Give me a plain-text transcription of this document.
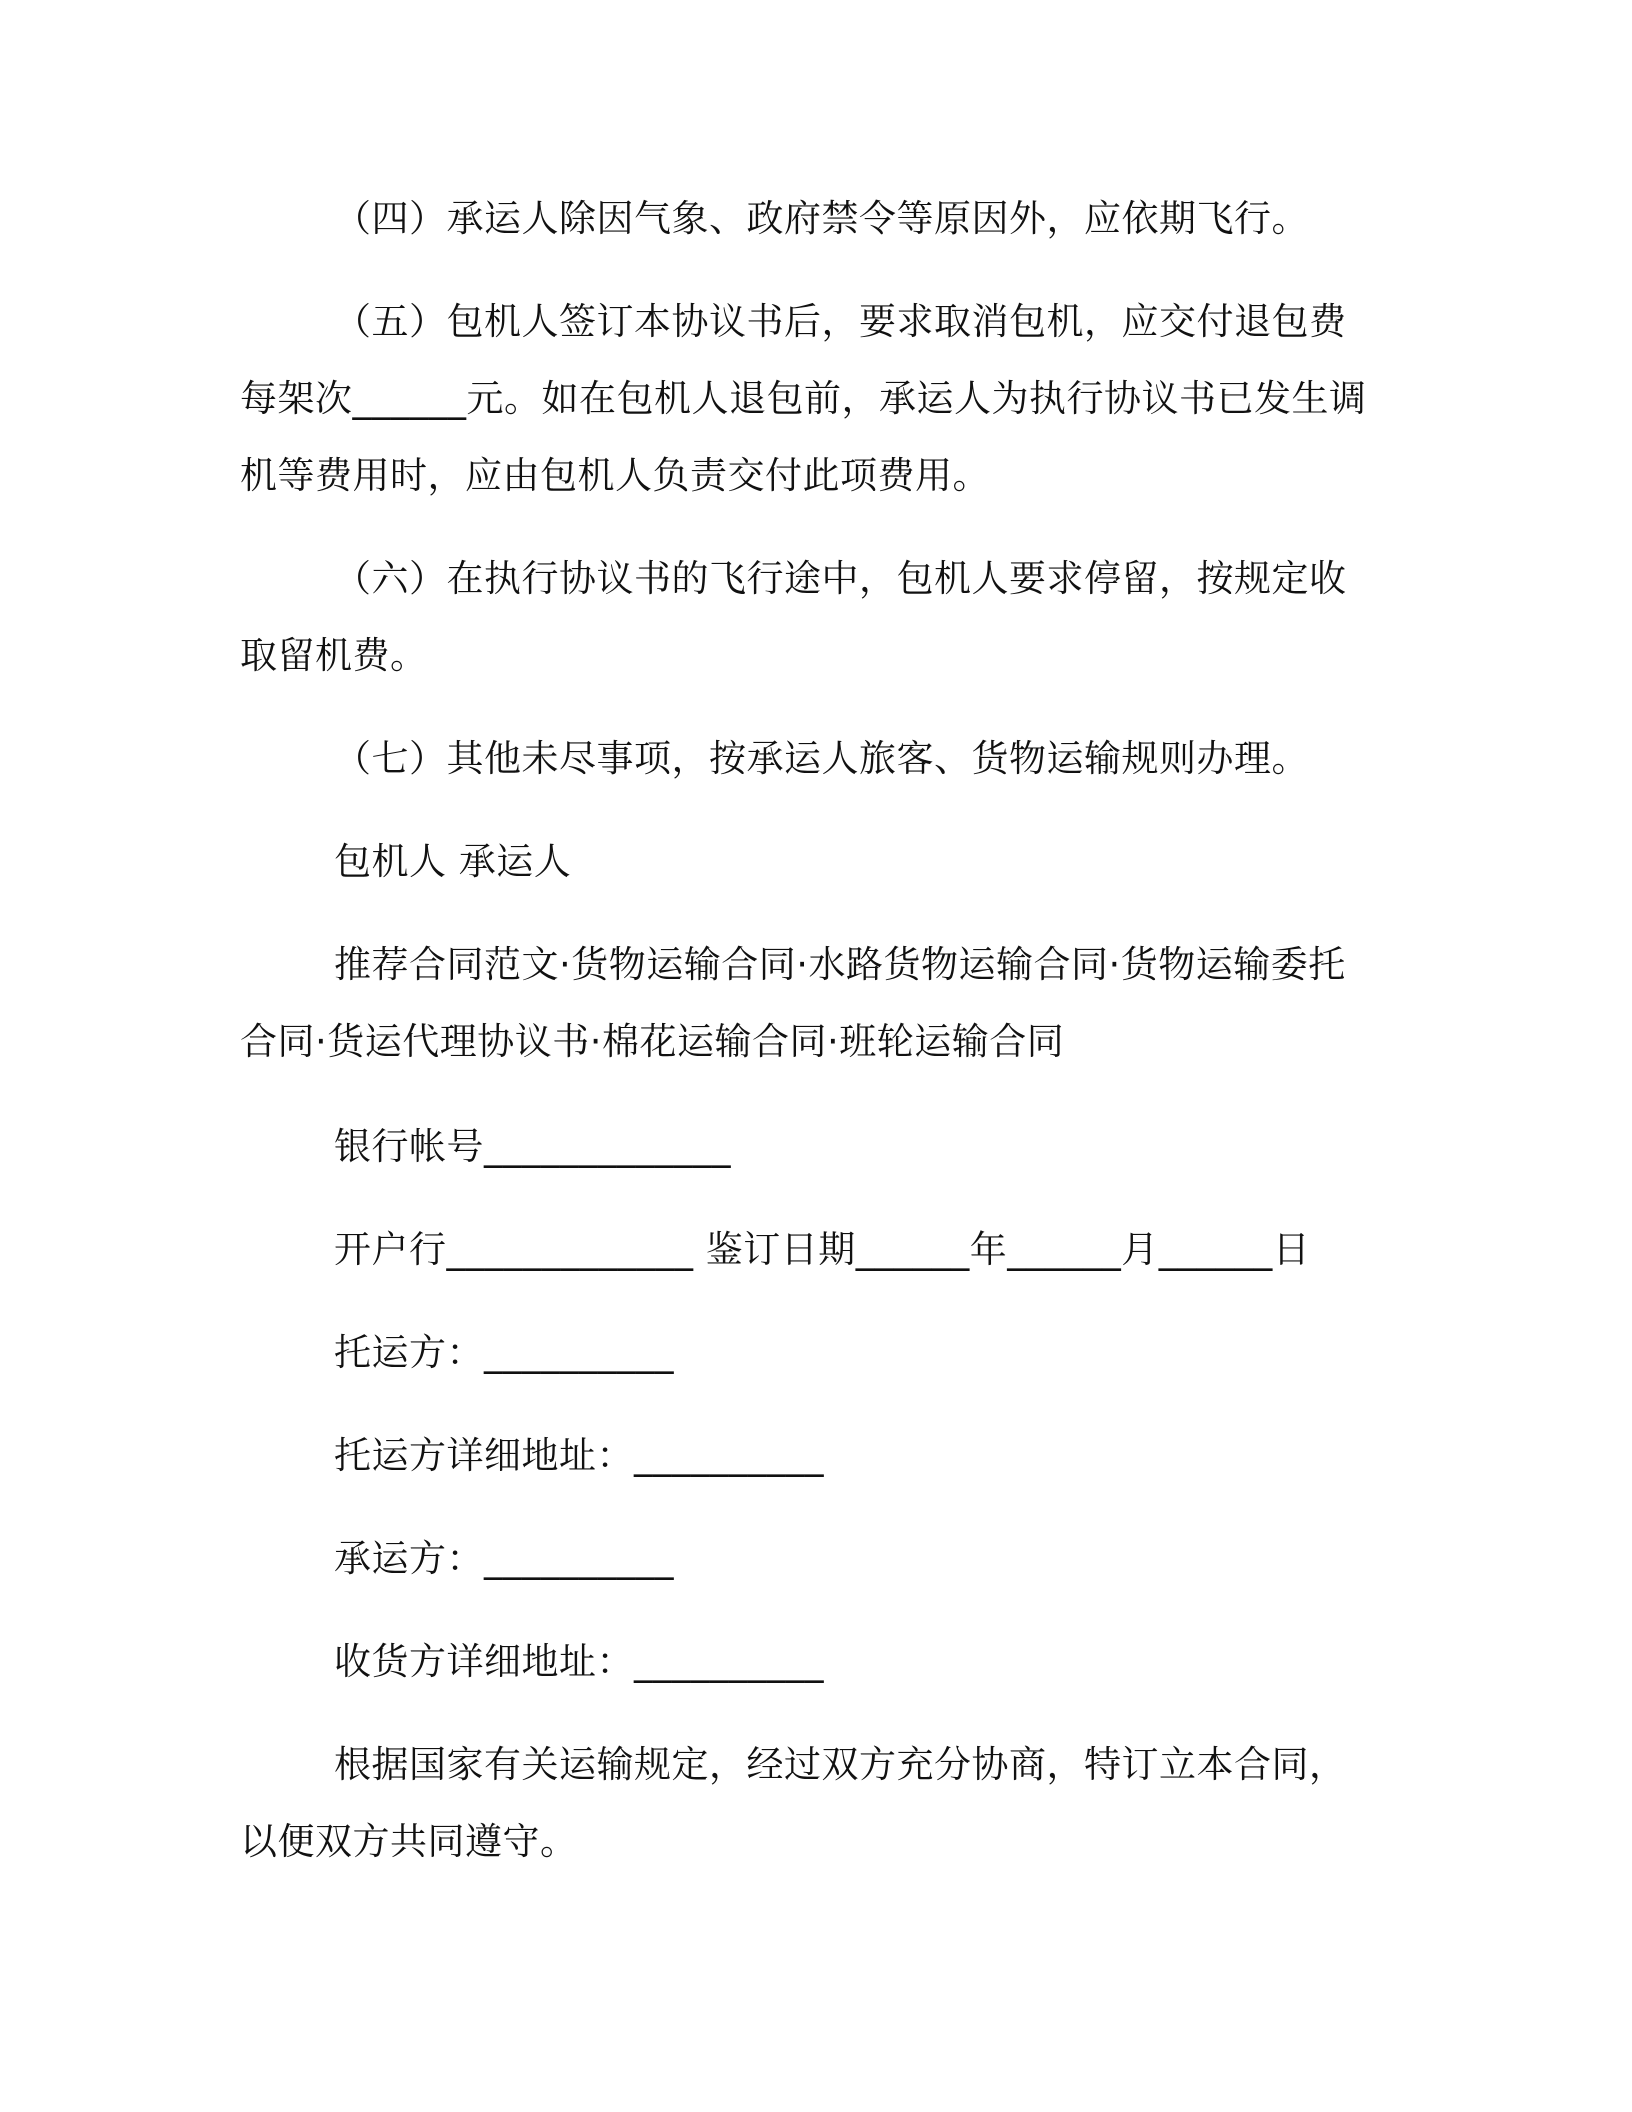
（四）承运人除因气象、政府禁令等原因外，应依期飞行。

（五）包机人签订本协议书后，要求取消包机，应交付退包费每架次______元。如在包机人退包前，承运人为执行协议书已发生调机等费用时，应由包机人负责交付此项费用。

（六）在执行协议书的飞行途中，包机人要求停留，按规定收取留机费。

（七）其他未尽事项，按承运人旅客、货物运输规则办理。

包机人 承运人

推荐合同范文·货物运输合同·水路货物运输合同·货物运输委托合同·货运代理协议书·棉花运输合同·班轮运输合同

银行帐号_____________

开户行_____________ 鉴订日期______年______月______日

托运方：__________

托运方详细地址：__________

承运方：__________

收货方详细地址：__________

根据国家有关运输规定，经过双方充分协商，特订立本合同，以便双方共同遵守。
